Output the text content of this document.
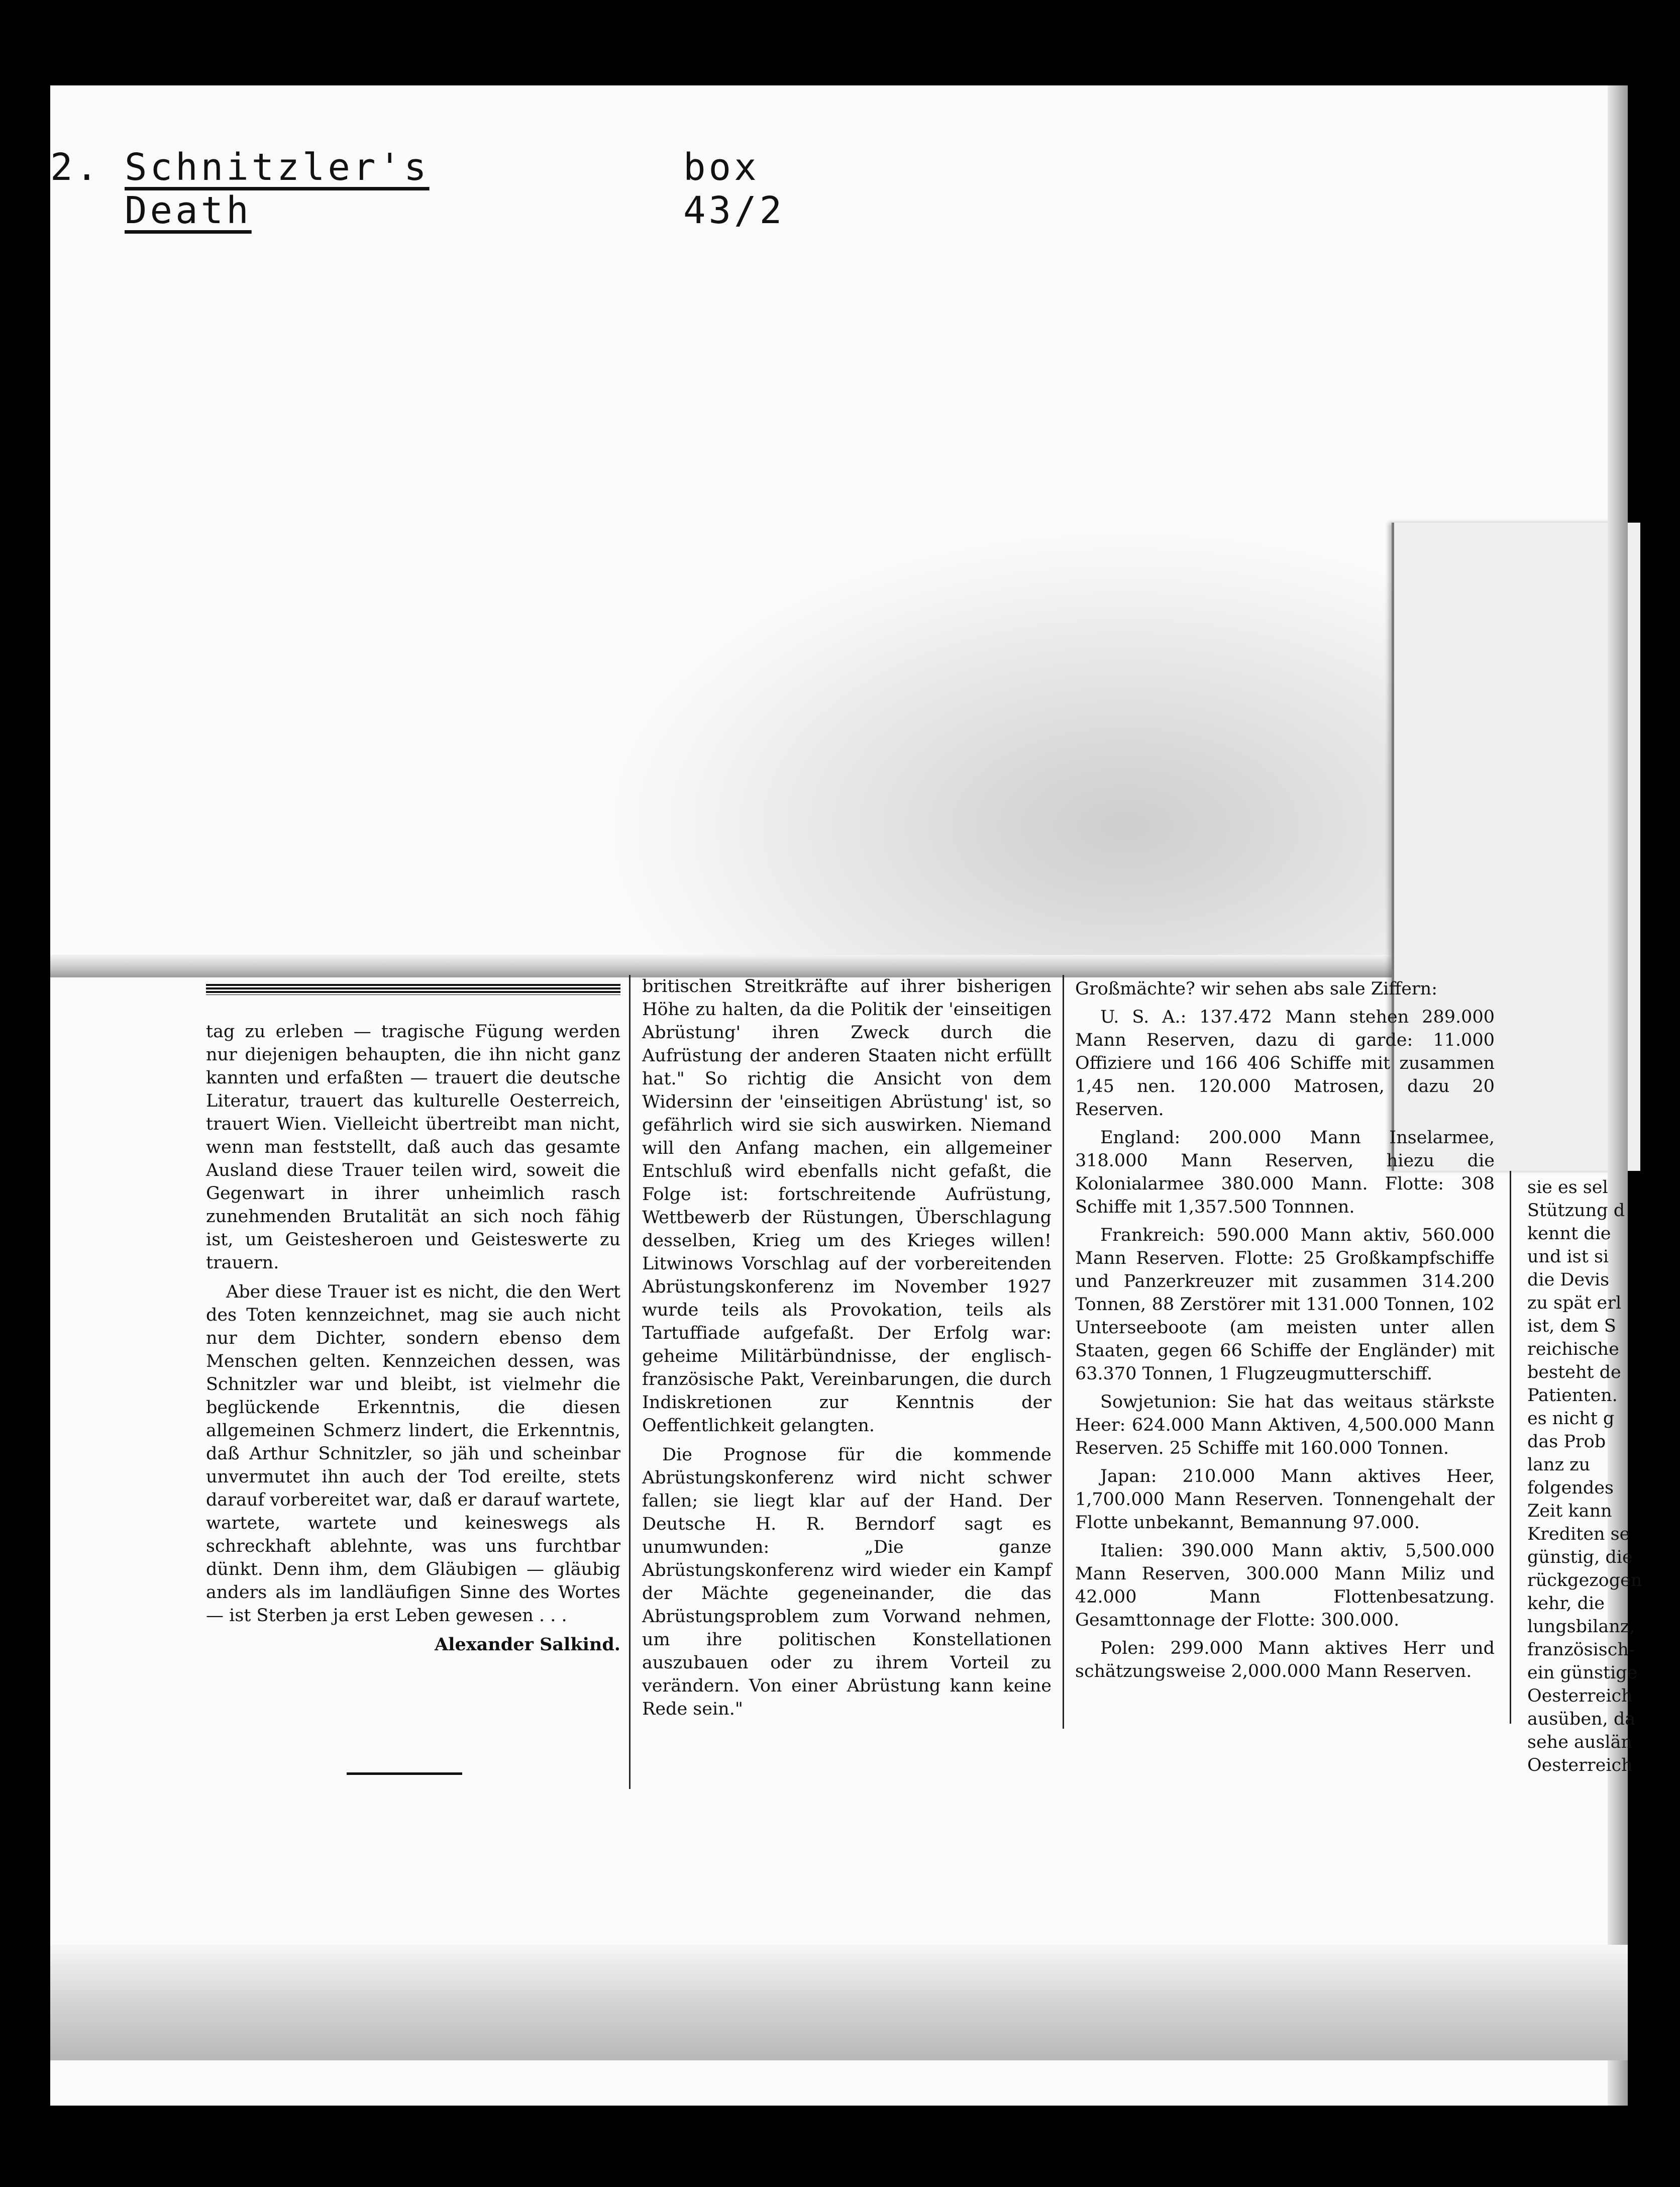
2. Schnitzler's Death
box 43/2

tag zu erleben — tragische Fügung werden nur diejenigen behaupten, die ihn nicht ganz kannten und erfaßten — trauert die deutsche Literatur, trauert das kulturelle Oesterreich, trauert Wien. Vielleicht übertreibt man nicht, wenn man feststellt, daß auch das gesamte Ausland diese Trauer teilen wird, soweit die Gegenwart in ihrer unheimlich rasch zunehmenden Brutalität an sich noch fähig ist, um Geistesheroen und Geisteswerte zu trauern.

Aber diese Trauer ist es nicht, die den Wert des Toten kennzeichnet, mag sie auch nicht nur dem Dichter, sondern ebenso dem Menschen gelten. Kennzeichen dessen, was Schnitzler war und bleibt, ist vielmehr die beglückende Erkenntnis, die diesen allgemeinen Schmerz lindert, die Erkenntnis, daß Arthur Schnitzler, so jäh und scheinbar unvermutet ihn auch der Tod ereilte, stets darauf vorbereitet war, daß er darauf wartete, wartete, wartete und keineswegs als schreckhaft ablehnte, was uns furchtbar dünkt. Denn ihm, dem Gläubigen — gläubig anders als im landläufigen Sinne des Wortes — ist Sterben ja erst Leben gewesen . . .

Alexander Salkind.

britischen Streitkräfte auf ihrer bisherigen Höhe zu halten, da die Politik der 'einseitigen Abrüstung' ihren Zweck durch die Aufrüstung der anderen Staaten nicht erfüllt hat." So richtig die Ansicht von dem Widersinn der 'einseitigen Abrüstung' ist, so gefährlich wird sie sich auswirken. Niemand will den Anfang machen, ein allgemeiner Entschluß wird ebenfalls nicht gefaßt, die Folge ist: fortschreitende Aufrüstung, Wettbewerb der Rüstungen, Überschlagung desselben, Krieg um des Krieges willen! Litwinows Vorschlag auf der vorbereitenden Abrüstungskonferenz im November 1927 wurde teils als Provokation, teils als Tartuffiade aufgefaßt. Der Erfolg war: geheime Militärbündnisse, der englisch-französische Pakt, Vereinbarungen, die durch Indiskretionen zur Kenntnis der Oeffentlichkeit gelangten.

Die Prognose für die kommende Abrüstungskonferenz wird nicht schwer fallen; sie liegt klar auf der Hand. Der Deutsche H. R. Berndorf sagt es unumwunden: „Die ganze Abrüstungskonferenz wird wieder ein Kampf der Mächte gegeneinander, die das Abrüstungsproblem zum Vorwand nehmen, um ihre politischen Konstellationen auszubauen oder zu ihrem Vorteil zu verändern. Von einer Abrüstung kann keine Rede sein."

Großmächte? wir sehen abs sale Ziffern:

U. S. A.: 137.472 Mann stehen 289.000 Mann Reserven, dazu di garde: 11.000 Offiziere und 166 406 Schiffe mit zusammen 1,45 nen. 120.000 Matrosen, dazu 20 Reserven.

England: 200.000 Mann Inselarmee, 318.000 Mann Reserven, hiezu die Kolonialarmee 380.000 Mann. Flotte: 308 Schiffe mit 1,357.500 Tonnnen.

Frankreich: 590.000 Mann aktiv, 560.000 Mann Reserven. Flotte: 25 Großkampfschiffe und Panzerkreuzer mit zusammen 314.200 Tonnen, 88 Zerstörer mit 131.000 Tonnen, 102 Unterseeboote (am meisten unter allen Staaten, gegen 66 Schiffe der Engländer) mit 63.370 Tonnen, 1 Flugzeugmutterschiff.

Sowjetunion: Sie hat das weitaus stärkste Heer: 624.000 Mann Aktiven, 4,500.000 Mann Reserven. 25 Schiffe mit 160.000 Tonnen.

Japan: 210.000 Mann aktives Heer, 1,700.000 Mann Reserven. Tonnengehalt der Flotte unbekannt, Bemannung 97.000.

Italien: 390.000 Mann aktiv, 5,500.000 Mann Reserven, 300.000 Mann Miliz und 42.000 Mann Flottenbesatzung. Gesamttonnage der Flotte: 300.000.

Polen: 299.000 Mann aktives Herr und schätzungsweise 2,000.000 Mann Reserven.

sie es sel

Stützung d

kennt die

und ist si

die Devis

zu spät erl

ist, dem S

reichische

besteht de

Patienten.

es nicht g

das Prob

lanz zu

folgendes

Zeit kann

Krediten se

günstig, die

rückgezogen

kehr, die

lungsbilanz,

französisch-

ein günstige

Oesterreich

ausüben, da

sehe auslän

Oesterreich
